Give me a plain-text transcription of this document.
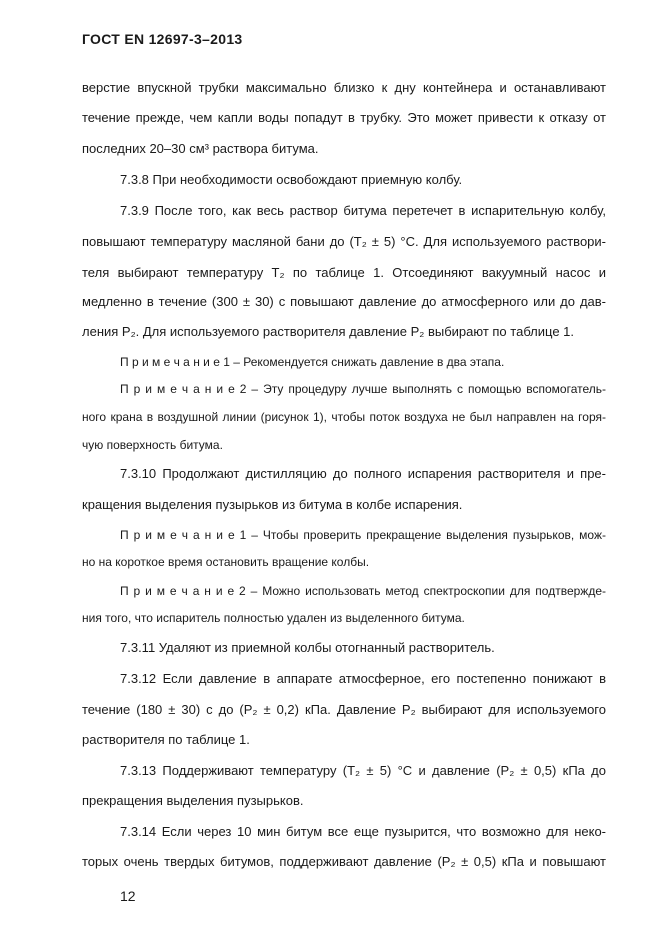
ГОСТ EN 12697-3–2013

верстие впускной трубки максимально близко к дну контейнера и останавливают

течение прежде, чем капли воды попадут в трубку. Это может привести к отказу от

последних 20–30 см³ раствора битума.

7.3.8 При необходимости освобождают приемную колбу.

7.3.9 После того, как весь раствор битума перетечет в испарительную колбу,

повышают температуру масляной бани до (T₂ ± 5) °С. Для используемого раствори-

теля выбирают температуру T₂ по таблице 1. Отсоединяют вакуумный насос и

медленно в течение (300 ± 30) с повышают давление до атмосферного или до дав-

ления P₂. Для используемого растворителя давление P₂ выбирают по таблице 1.

П р и м е ч а н и е 1 – Рекомендуется снижать давление в два этапа.

П р и м е ч а н и е 2 – Эту процедуру лучше выполнять с помощью вспомогатель-

ного крана в воздушной линии (рисунок 1), чтобы поток воздуха не был направлен на горя-

чую поверхность битума.

7.3.10 Продолжают дистилляцию до полного испарения растворителя и пре-

кращения выделения пузырьков из битума в колбе испарения.

П р и м е ч а н и е 1 – Чтобы проверить прекращение выделения пузырьков, мож-

но на короткое время остановить вращение колбы.

П р и м е ч а н и е 2 – Можно использовать метод спектроскопии для подтвержде-

ния того, что испаритель полностью удален из выделенного битума.

7.3.11 Удаляют из приемной колбы отогнанный растворитель.

7.3.12 Если давление в аппарате атмосферное, его постепенно понижают в

течение (180 ± 30) с до (P₂ ± 0,2) кПа. Давление P₂ выбирают для используемого

растворителя по таблице 1.

7.3.13 Поддерживают температуру (T₂ ± 5) °С и давление (P₂ ± 0,5) кПа до

прекращения выделения пузырьков.

7.3.14 Если через 10 мин битум все еще пузырится, что возможно для неко-

торых очень твердых битумов, поддерживают давление (P₂ ± 0,5) кПа и повышают

12
